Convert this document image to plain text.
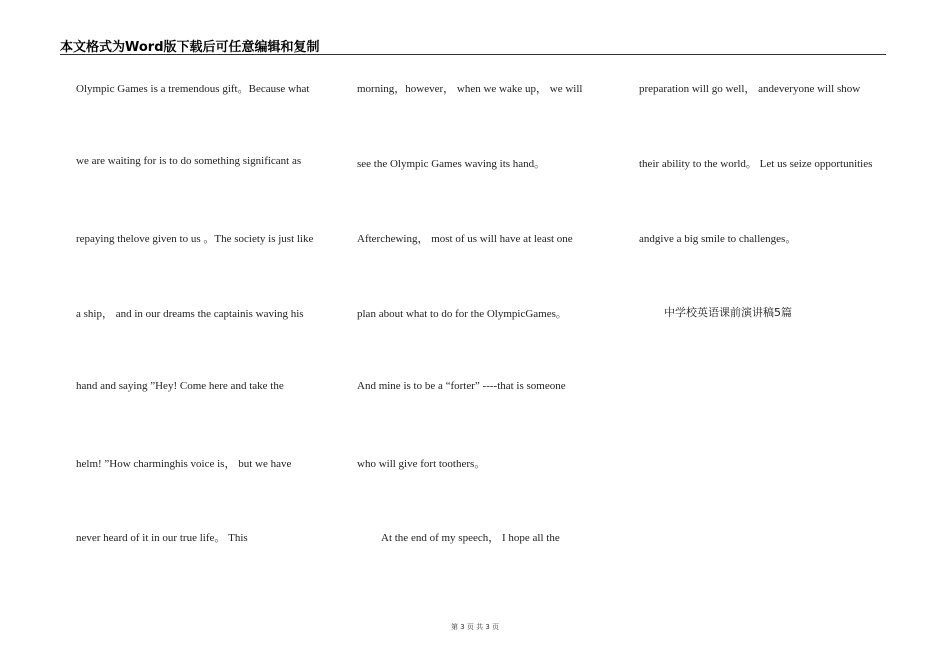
本文格式为Word版下载后可任意编辑和复制
Olympic Games is a tremendous gift。Because what
we are waiting for is to do something significant as
repaying thelove given to us 。The society is just like
a ship， and in our dreams the captainis waving his
hand and saying ”Hey! Come here and take the
helm! ”How charminghis voice is， but we have
never heard of it in our true life。 This
morning，however， when we wake up， we will
see the Olympic Games waving its hand。
Afterchewing， most of us will have at least one
plan about what to do for the OlympicGames。
And mine is to be a “forter” ----that is someone
who will give fort toothers。
At the end of my speech， I hope all the
preparation will go well， andeveryone will show
their ability to the world。 Let us seize opportunities
andgive a big smile to challenges。
中学校英语课前演讲稿5篇
第 3 页 共 3 页
